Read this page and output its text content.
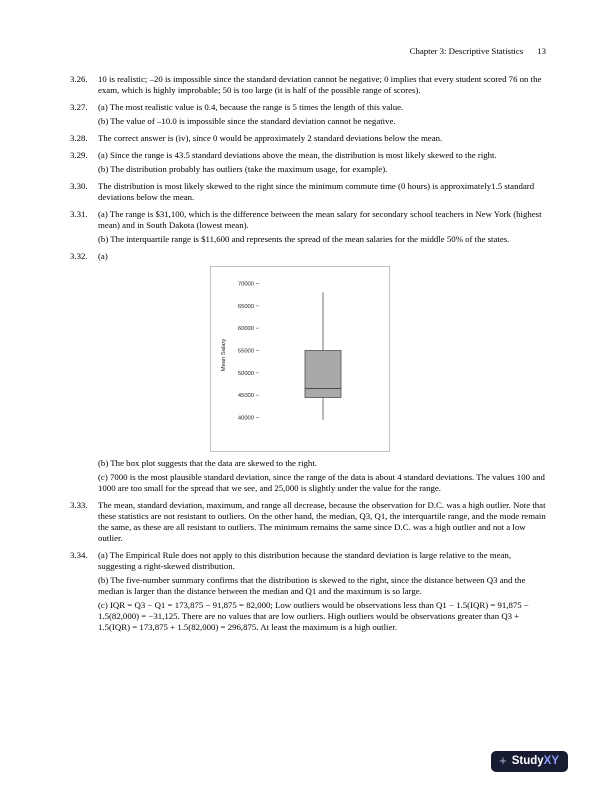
Chapter 3: Descriptive Statistics 13
3.26.	10 is realistic; –20 is impossible since the standard deviation cannot be negative; 0 implies that every student scored 76 on the exam, which is highly improbable; 50 is too large (it is half of the possible range of scores).

3.27.	(a) The most realistic value is 0.4, because the range is 5 times the length of this value.

(b) The value of –10.0 is impossible since the standard deviation cannot be negative.

3.28.	The correct answer is (iv), since 0 would be approximately 2 standard deviations below the mean.

3.29.	(a) Since the range is 43.5 standard deviations above the mean, the distribution is most likely skewed to the right.

(b) The distribution probably has outliers (take the maximum usage, for example).

3.30.	The distribution is most likely skewed to the right since the minimum commute time (0 hours) is approximately1.5 standard deviations below the mean.

3.31.	(a) The range is $31,100, which is the difference between the mean salary for secondary school teachers in New York (highest mean) and in South Dakota (lowest mean).

(b) The interquartile range is $11,600 and represents the spread of the mean salaries for the middle 50% of the states.

3.32.	(a)

40000
45000
50000
55000
60000
65000
70000
Mean Salary

(b) The box plot suggests that the data are skewed to the right.

(c) 7000 is the most plausible standard deviation, since the range of the data is about 4 standard deviations. The values 100 and 1000 are too small for the spread that we see, and 25,000 is slightly under the value for the range.

3.33.	The mean, standard deviation, maximum, and range all decrease, because the observation for D.C. was a high outlier. Note that these statistics are not resistant to outliers. On the other hand, the median, Q3, Q1, the interquartile range, and the mode remain the same, as these are all resistant to outliers. The minimum remains the same since D.C. was a high outlier and not a low outlier.

3.34.	(a) The Empirical Rule does not apply to this distribution because the standard deviation is large relative to the mean, suggesting a right-skewed distribution.

(b) The five-number summary confirms that the distribution is skewed to the right, since the distance between Q3 and the median is larger than the distance between the median and Q1 and the maximum is so large.

(c) IQR = Q3 − Q1 = 173,875 − 91,875 = 82,000; Low outliers would be observations less than Q1 − 1.5(IQR) = 91,875 − 1.5(82,000) = −31,125. There are no values that are low outliers. High outliers would be observations greater than Q3 + 1.5(IQR) = 173,875 + 1.5(82,000) = 296,875. At least the maximum is a high outlier.

+ StudyXY
